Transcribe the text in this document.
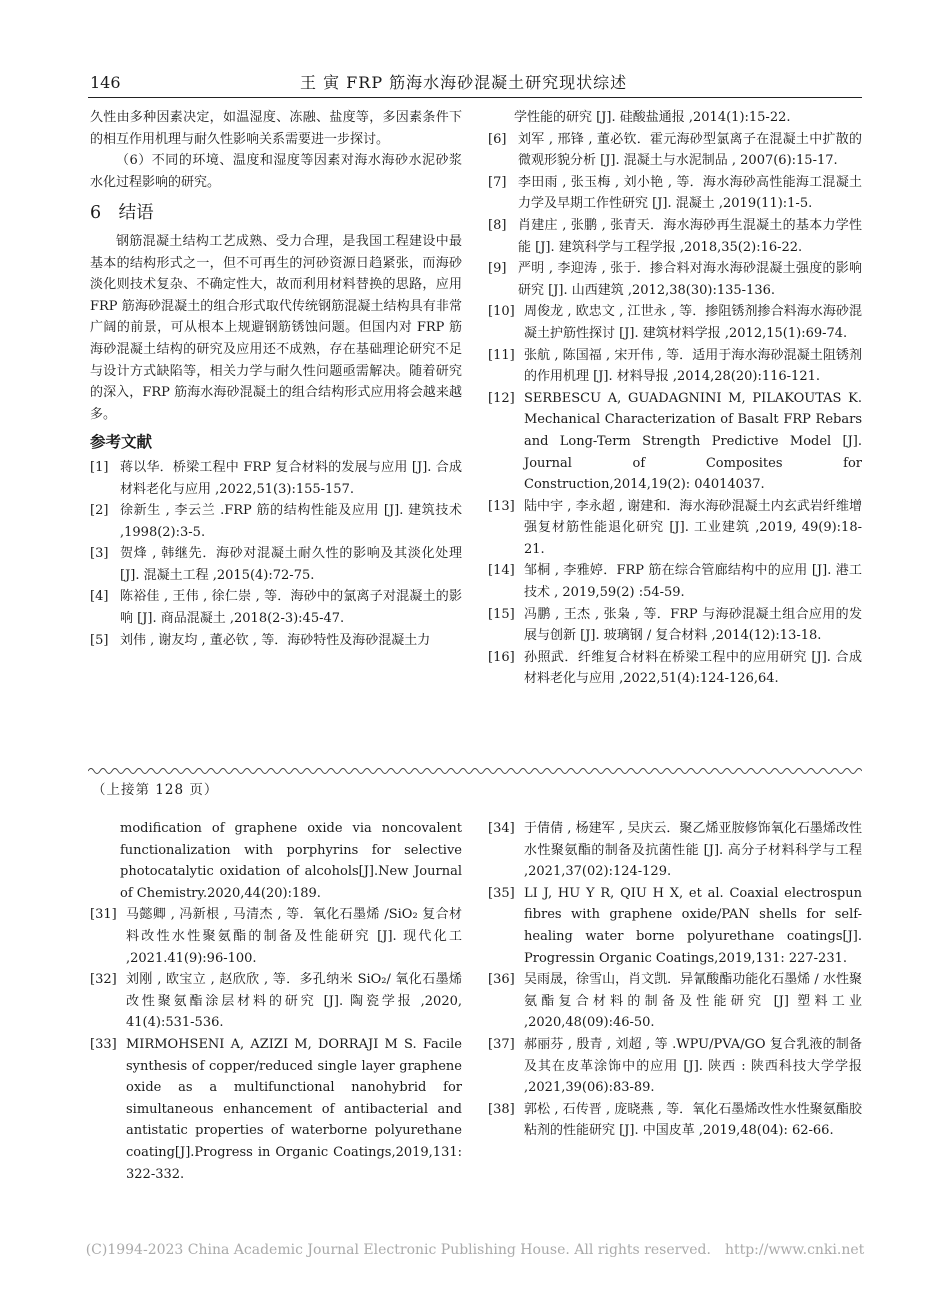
146	王 寅 FRP 筋海水海砂混凝土研究现状综述

久性由多种因素决定，如温湿度、冻融、盐度等，多因素条件下的相互作用机理与耐久性影响关系需要进一步探讨。

（6）不同的环境、温度和湿度等因素对海水海砂水泥砂浆水化过程影响的研究。

6　结语

钢筋混凝土结构工艺成熟、受力合理，是我国工程建设中最基本的结构形式之一，但不可再生的河砂资源日趋紧张，而海砂淡化则技术复杂、不确定性大，故而利用材料替换的思路，应用 FRP 筋海砂混凝土的组合形式取代传统钢筋混凝土结构具有非常广阔的前景，可从根本上规避钢筋锈蚀问题。但国内对 FRP 筋海砂混凝土结构的研究及应用还不成熟，存在基础理论研究不足与设计方式缺陷等，相关力学与耐久性问题亟需解决。随着研究的深入，FRP 筋海水海砂混凝土的组合结构形式应用将会越来越多。

参考文献
[1] 蒋以华．桥梁工程中 FRP 复合材料的发展与应用 [J]. 合成材料老化与应用 ,2022,51(3):155-157.
[2] 徐新生 , 李云兰 .FRP 筋的结构性能及应用 [J]. 建筑技术 ,1998(2):3-5.
[3] 贺烽 , 韩继先．海砂对混凝土耐久性的影响及其淡化处理 [J]. 混凝土工程 ,2015(4):72-75.
[4] 陈裕佳 , 王伟 , 徐仁崇 , 等．海砂中的氯离子对混凝土的影响 [J]. 商品混凝土 ,2018(2-3):45-47.
[5] 刘伟 , 谢友均 , 董必钦 , 等．海砂特性及海砂混凝土力

学性能的研究 [J]. 硅酸盐通报 ,2014(1):15-22.

[6] 刘军 , 邢锋 , 董必钦．霍元海砂型氯离子在混凝土中扩散的微观形貌分析 [J]. 混凝土与水泥制品 , 2007(6):15-17.
[7] 李田雨 , 张玉梅 , 刘小艳 , 等．海水海砂高性能海工混凝土力学及早期工作性研究 [J]. 混凝土 ,2019(11):1-5.
[8] 肖建庄 , 张鹏 , 张青天．海水海砂再生混凝土的基本力学性能 [J]. 建筑科学与工程学报 ,2018,35(2):16-22.
[9] 严明 , 李迎涛 , 张于．掺合料对海水海砂混凝土强度的影响研究 [J]. 山西建筑 ,2012,38(30):135-136.
[10] 周俊龙 , 欧忠文 , 江世永 , 等．掺阻锈剂掺合料海水海砂混凝土护筋性探讨 [J]. 建筑材料学报 ,2012,15(1):69-74.
[11] 张航 , 陈国福 , 宋开伟 , 等．适用于海水海砂混凝土阻锈剂的作用机理 [J]. 材料导报 ,2014,28(20):116-121.
[12] SERBESCU A, GUADAGNINI M, PILAKOUTAS K. Mechanical Characterization of Basalt FRP Rebars and Long-Term Strength Predictive Model [J]. Journal of Composites for Construction,2014,19(2): 04014037.
[13] 陆中宇 , 李永超 , 谢建和．海水海砂混凝土内玄武岩纤维增强复材筋性能退化研究 [J]. 工业建筑 ,2019, 49(9):18-21.
[14] 邹桐 , 李雅婷．FRP 筋在综合管廊结构中的应用 [J]. 港工技术 , 2019,59(2) :54-59.
[15] 冯鹏 , 王杰 , 张枭 , 等．FRP 与海砂混凝土组合应用的发展与创新 [J]. 玻璃钢 / 复合材料 ,2014(12):13-18.
[16] 孙照武．纤维复合材料在桥梁工程中的应用研究 [J]. 合成材料老化与应用 ,2022,51(4):124-126,64.
（上接第 128 页）

modification of graphene oxide via noncovalent functionalization with porphyrins for selective photocatalytic oxidation of alcohols[J].New Journal of Chemistry.2020,44(20):189.

[31] 马懿卿 , 冯新根 , 马清杰 , 等．氧化石墨烯 /SiO₂ 复合材料改性水性聚氨酯的制备及性能研究 [J]. 现代化工 ,2021.41(9):96-100.
[32] 刘刚 , 欧宝立 , 赵欣欣 , 等．多孔纳米 SiO₂/ 氧化石墨烯改性聚氨酯涂层材料的研究 [J]. 陶瓷学报 ,2020, 41(4):531-536.
[33] MIRMOHSENI A, AZIZI M, DORRAJI M S. Facile synthesis of copper/reduced single layer graphene oxide as a multifunctional nanohybrid for simultaneous enhancement of antibacterial and antistatic properties of waterborne polyurethane coating[J].Progress in Organic Coatings,2019,131: 322-332.
[34] 于倩倩 , 杨建军 , 吴庆云．聚乙烯亚胺修饰氧化石墨烯改性水性聚氨酯的制备及抗菌性能 [J]. 高分子材料科学与工程 ,2021,37(02):124-129.
[35] LI J, HU Y R, QIU H X, et al. Coaxial electrospun fibres with graphene oxide/PAN shells for self-healing water borne polyurethane coatings[J]. Progressin Organic Coatings,2019,131: 227-231.
[36] 吴雨晟，徐雪山，肖文凯．异氰酸酯功能化石墨烯 / 水性聚氨酯复合材料的制备及性能研究 [J] 塑料工业 ,2020,48(09):46-50.
[37] 郝丽芬 , 殷青 , 刘超 , 等 .WPU/PVA/GO 复合乳液的制备及其在皮革涂饰中的应用 [J]. 陕西 : 陕西科技大学学报 ,2021,39(06):83-89.
[38] 郭松 , 石传晋 , 庞晓燕 , 等．氧化石墨烯改性水性聚氨酯胶粘剂的性能研究 [J]. 中国皮革 ,2019,48(04): 62-66.
(C)1994-2023 China Academic Journal Electronic Publishing House. All rights reserved. http://www.cnki.net
